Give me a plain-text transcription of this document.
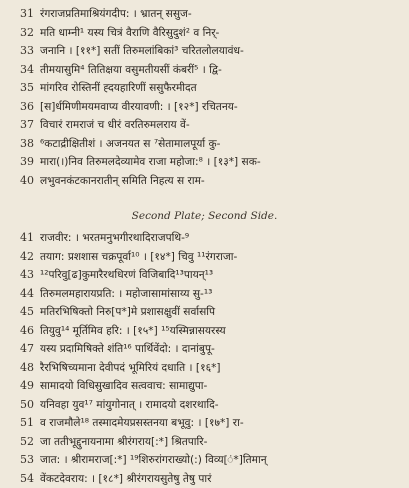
31 रंगराजप्रतिमाश्रियंगदीप: । भ्रातन् ससुज-
32 मति धाम्नी¹ यस्य चित्रं वैराणि वैरिसुदुशं² व निर्-
33 जनानि । [११*] सतीं तिरुमलांबिकां³ चरितलोलयावंध-
34 तीमयासुमि⁴ तितिक्षया वसुमतीयसीं कंबरीं⁵ । द्वि-
35 मांगरिव रोस्तिनीं ह्दयहारिणीं ससुफैरमीदत
36 [स]र्धमिणीमयमवाप्य वीरयावणी: । [१२*] रचितनय-
37 विचारं रामराजं च धीरं वरतिरुमलराय वें-
38 ⁶कटाद्रीक्षितीशं । अजनयत स ⁷सेतामालपूर्या कु-
39 मारा(।)निव तिरुमलदेव्यामेव राजा महोजा:⁸ । [१३*] सक-
40 लभुवनकंटकानरातीन् समिति निहत्य स राम-
Second Plate; Second Side.
41 राजवीर: । भरतमनुभगीरथादिराजपथि-⁹
42 तयाग: प्रशशास चक्रपूर्वा¹⁰ । [१४*] चिवु ¹¹रंगराजा-
43 ¹²परिवु[ढ]कुमारैरथधिरणं विजिबादि¹³पायन्¹³
44 तिरुमलमहारायप्रति: । महोजासामांसाय्य सु-¹³
45 मतिरभिषिक्तो निरु[प*]मे प्रशासक्षुवीं सर्वासपि
46 तियुवु¹⁴ मूर्तिमिव हरि: । [१५*] ¹⁵यस्मिन्नासयरस्य
47 यस्य प्रदामिषिक्ते शंति¹⁶ पार्थिवेंदो: । दानांबुपू-
48 रैरभिषिच्यमाना देवीपदं भूमिरियं दधाति । [१६*]
49 सामादयो विधिसुखादिव सत्ववाच: सामाद्युपा-
50 यनिवहा युव¹⁷ मांयुगोनात् । रामादयो दशरथादि-
51 व राजमौले¹⁸ तस्मादमेयप्रसस्तनया बभूवु: । [१७*] रा-
52 जा ततीभूद्दुनायनामा श्रीरंगराय[:*] श्रितपारि-
53 जात: । श्रीरामराज[:*] ¹⁹शिरुरांगराख्यो(:) विव्य[ं*]तिमान्
54 वेंकटदेवराय: । [१८*] श्रीरंगरायसुतेषु तेषु पारं
